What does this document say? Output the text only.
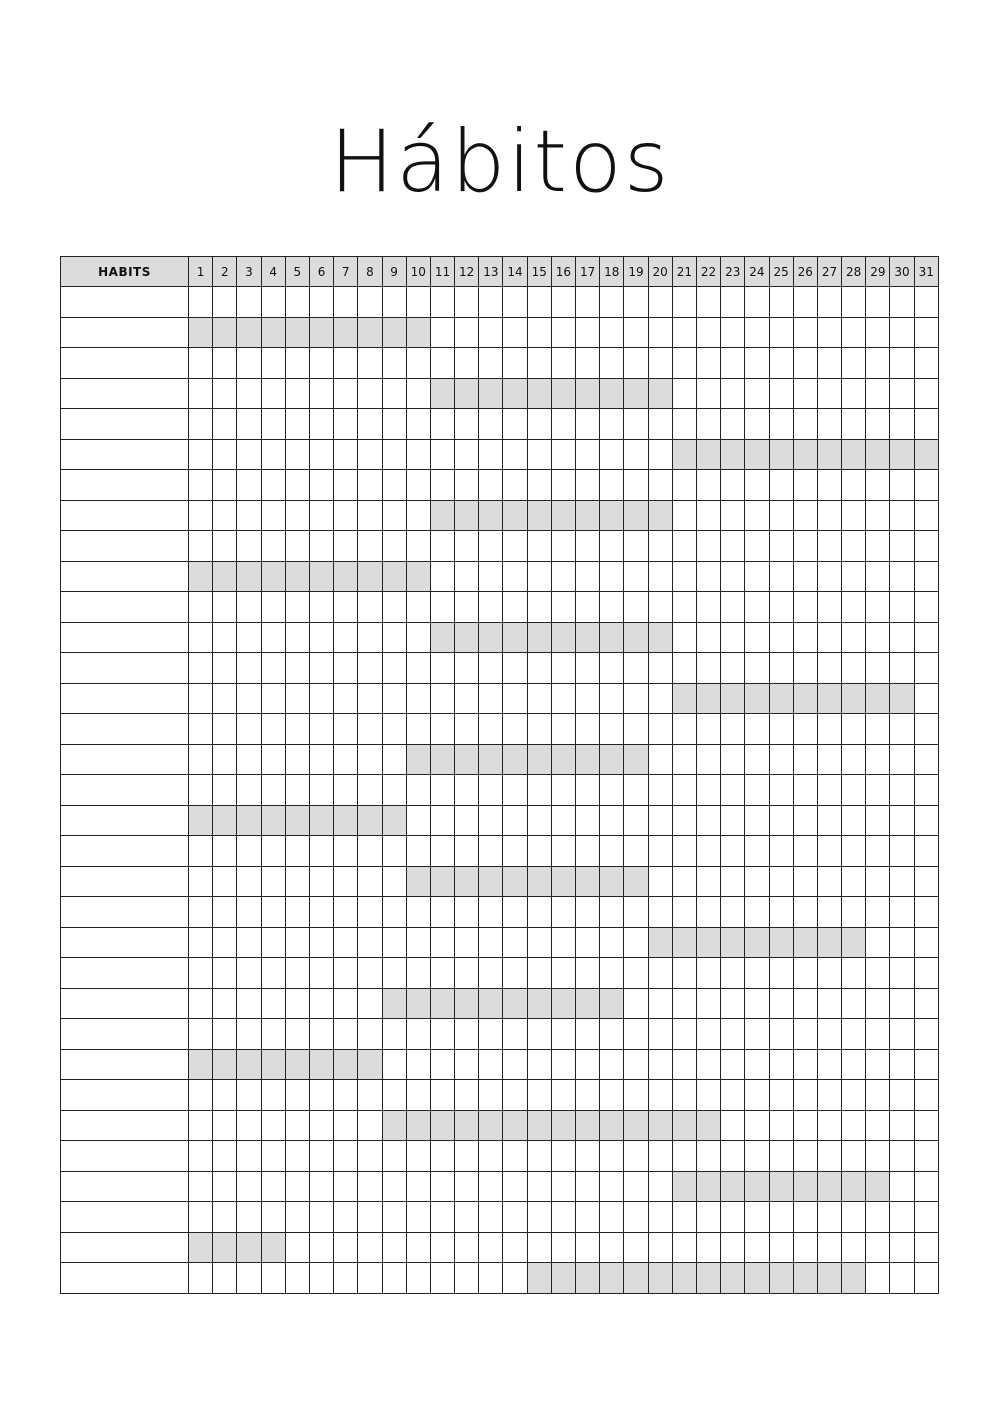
Hábitos
HABITS	1	2	3	4	5	6	7	8	9	10	11	12	13	14	15	16	17	18	19	20	21	22	23	24	25	26	27	28	29	30	31
